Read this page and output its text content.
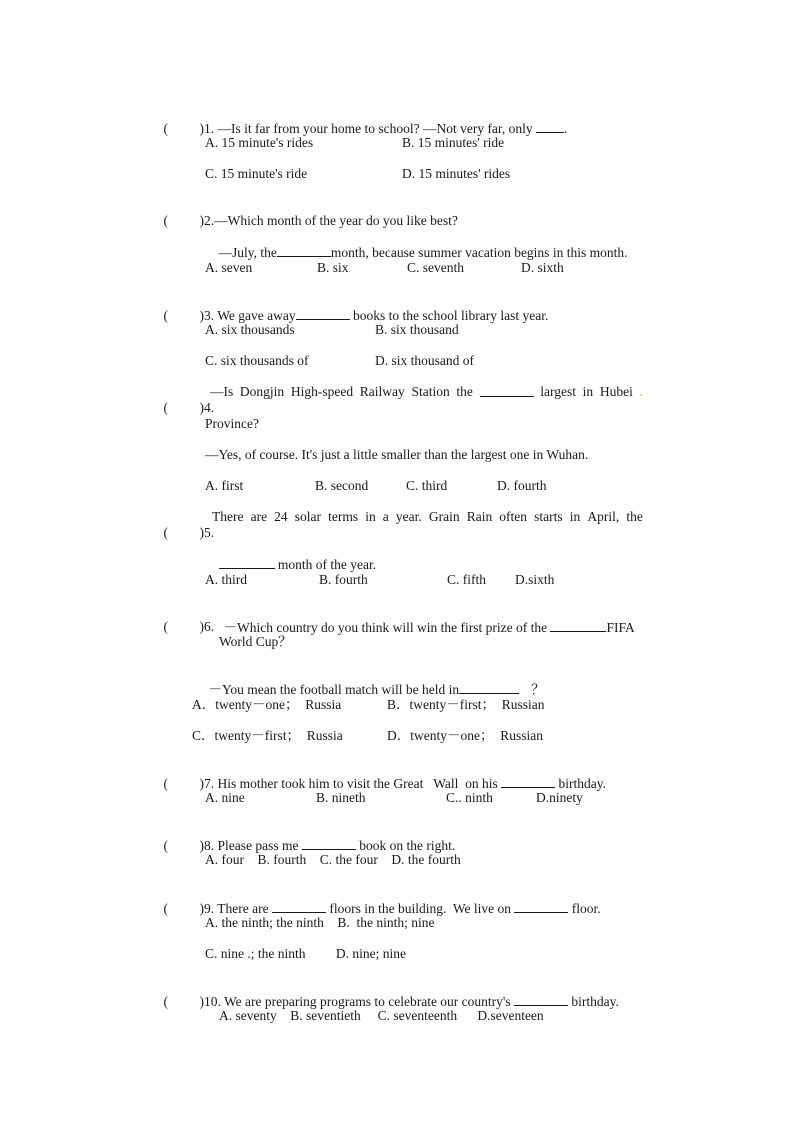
( )1. —Is it far from your home to school? —Not very far, only .

A. 15 minute's rides	B. 15 minutes' ride
C. 15 minute's ride	D. 15 minutes' rides

( )2.—Which month of the year do you like best?

—July, the	month, because summer vacation begins in this month.

A. seven	B. six	C. seventh	D. sixth

( )3. We gave away	books to the school library last year.

A. six thousands	B. six thousand
C. six thousands of	D. six thousand of

( )4.

—Is Dongjin High-speed Railway Station the	largest in Hubei .
Province?
—Yes, of course. It's just a little smaller than the largest one in Wuhan.
A. first	B. second	C. third	D. fourth

( )5.

There are 24 solar terms in a year. Grain Rain often starts in April, the

month of the year.

A. third	B. fourth	C. fifth D.sixth

( )6.
－Which country do you think will win the first prize of the	FIFA

World Cup？

－You mean the football match will be held in	？

A．twenty－one；  Russia	B．twenty－first；  Russian
C．twenty－first；  Russia	D．twenty－one；  Russian

( )7. His mother took him to visit the Great   Wall  on his	birthday.

A. nine	B. nineth	C.. ninth	D.ninety

( )8. Please pass me	book on the right.

A. four    B. fourth    C. the four    D. the fourth

( )9. There are	floors in the building.  We live on	floor.

A. the ninth; the ninth    B.  the ninth; nine
C. nine .; the ninth         D. nine; nine

( )10. We are preparing programs to celebrate our country's	birthday.

A. seventy    B. seventieth     C. seventeenth      D.seventeen
